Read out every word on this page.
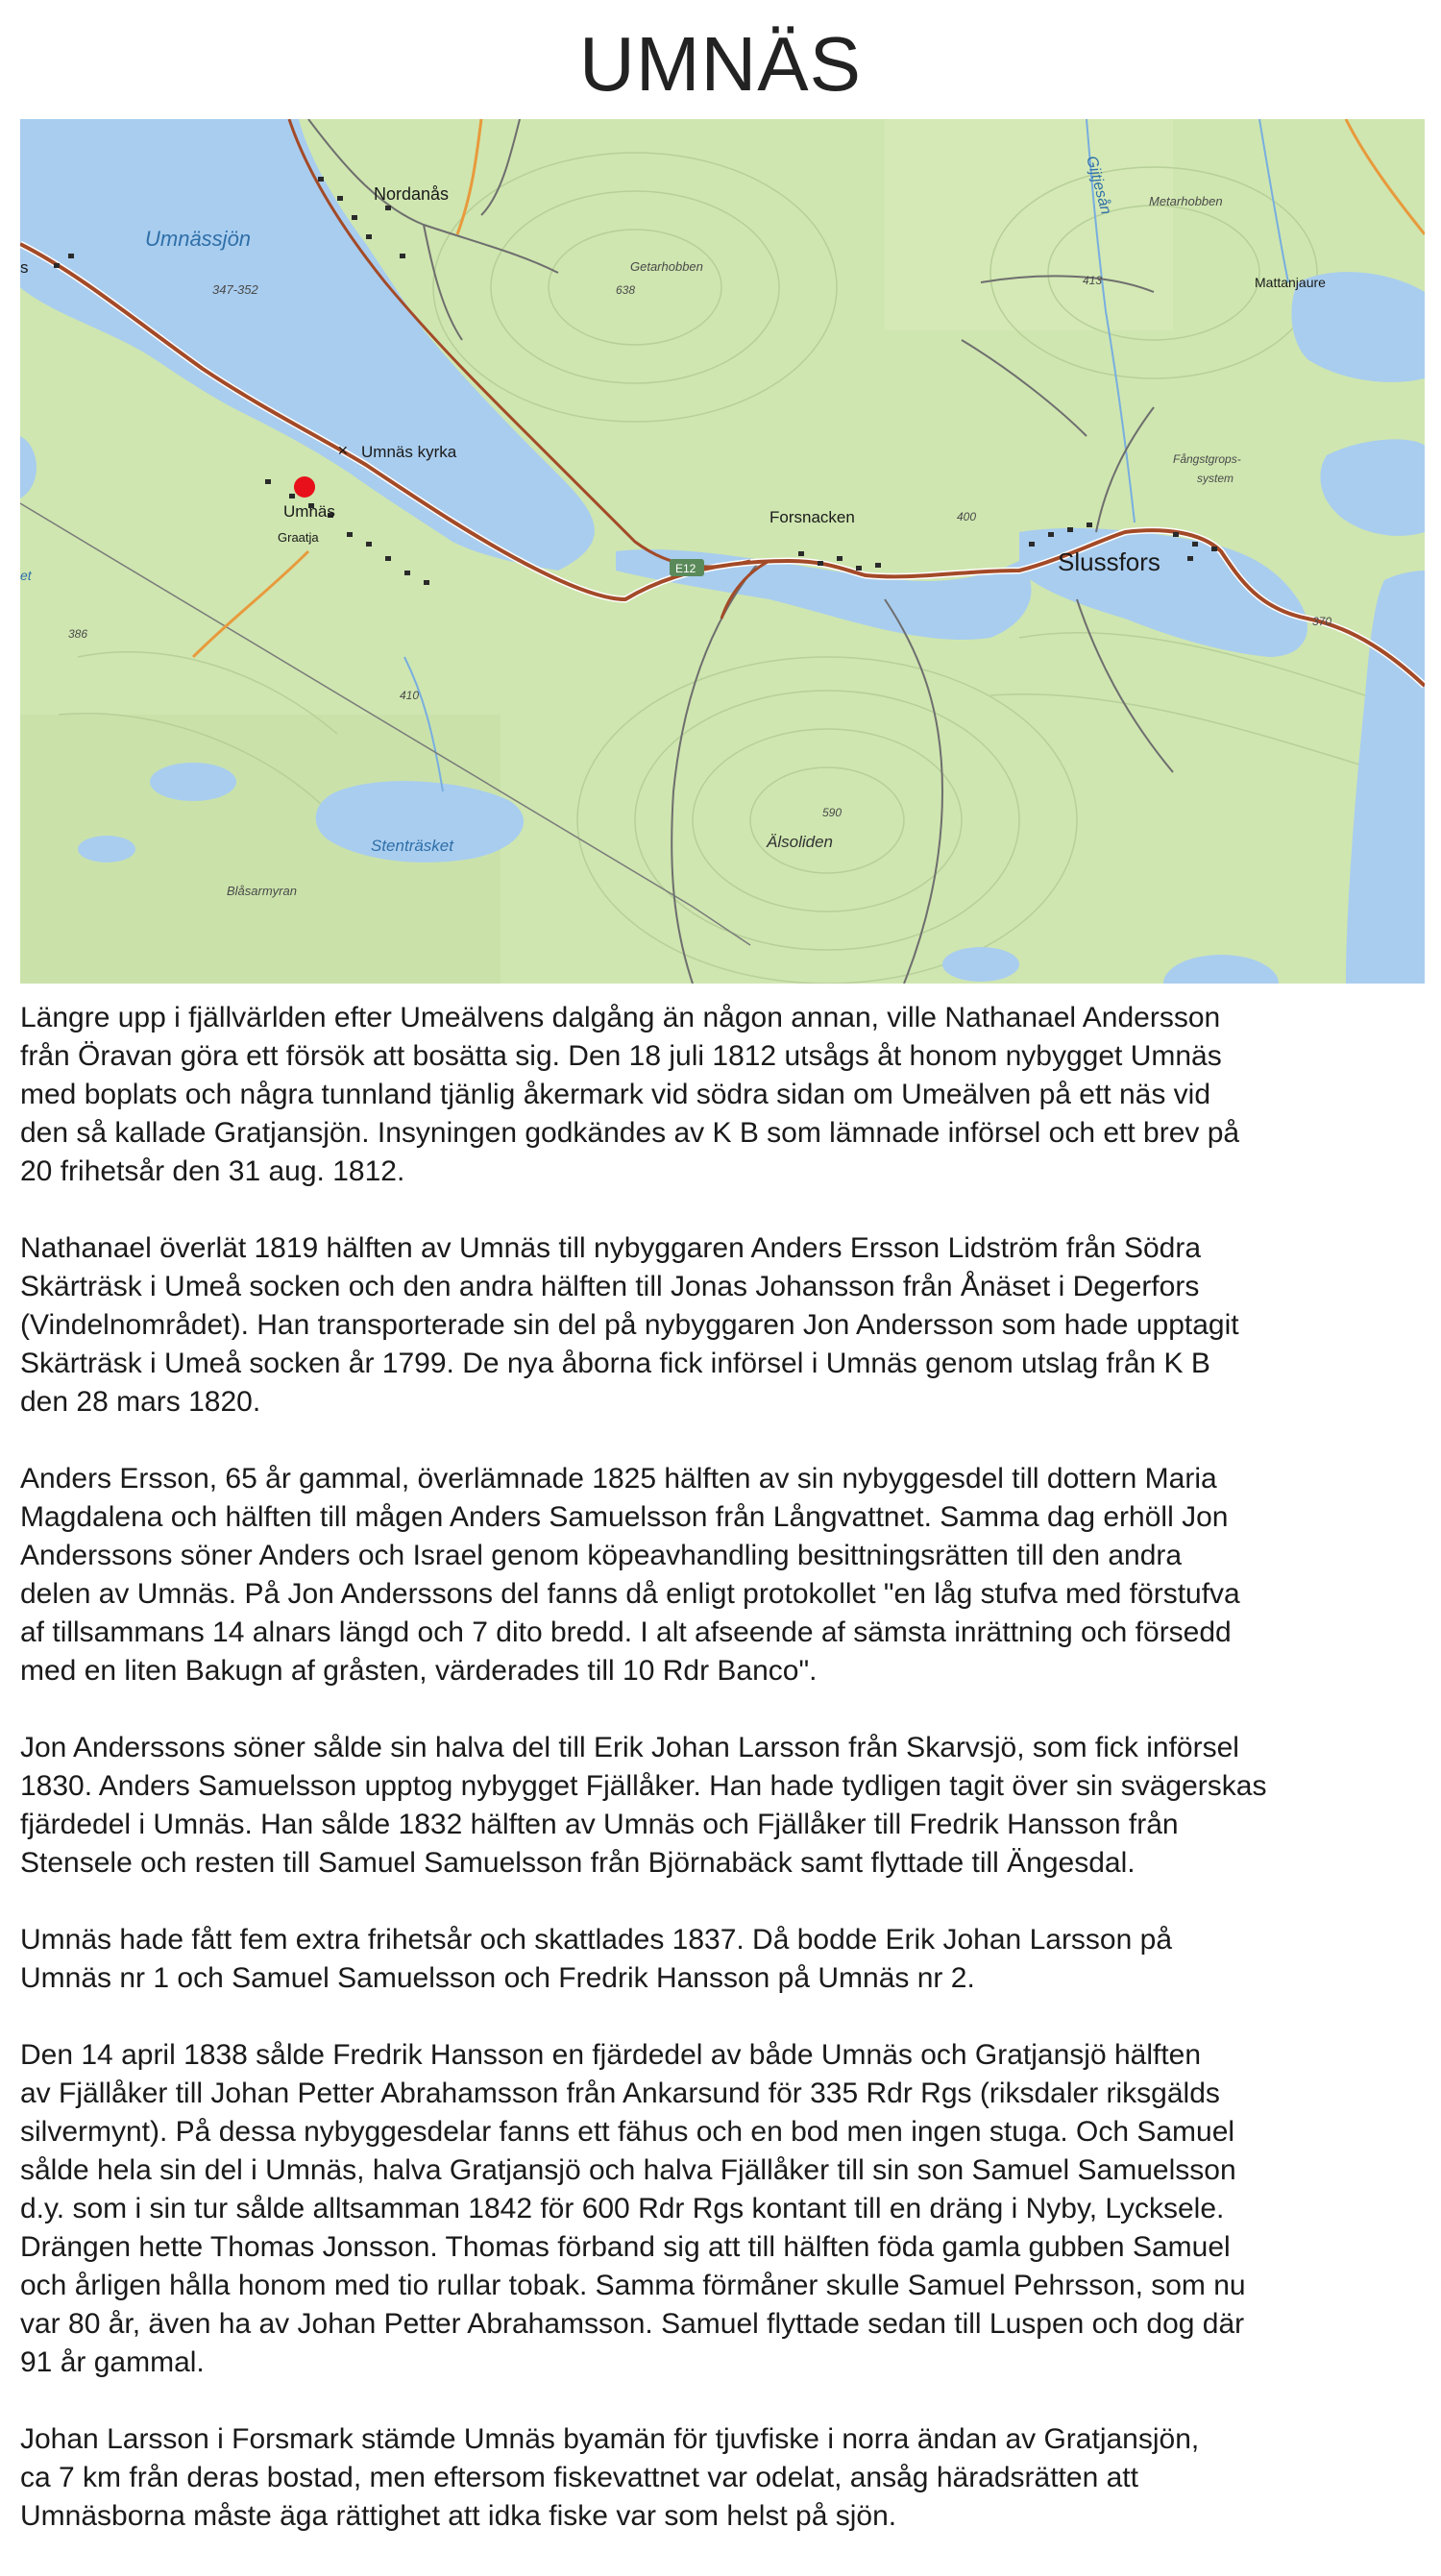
UMNÄS
Umnässjön
347-352
Nordanås
Getarhobben
638
Gijtjesån	Metarhobben
413	Mattanjaure
Umnäs kyrka
Umnäs
Graatja
Fångstgrops-
system
Forsnacken	400
E12	Slussfors
370
386
410
590
Älsoliden
Stenträsket
Blåsarmyran
s
et
✕

Längre upp i fjällvärlden efter Umeälvens dalgång än någon annan, ville Nathanael Andersson
från Öravan göra ett försök att bosätta sig. Den 18 juli 1812 utsågs åt honom nybygget Umnäs
med boplats och några tunnland tjänlig åkermark vid södra sidan om Umeälven på ett näs vid
den så kallade Gratjansjön. Insyningen godkändes av K B som lämnade införsel och ett brev på
20 frihetsår den 31 aug. 1812.

Nathanael överlät 1819 hälften av Umnäs till nybyggaren Anders Ersson Lidström från Södra
Skärträsk i Umeå socken och den andra hälften till Jonas Johansson från Ånäset i Degerfors
(Vindelnområdet). Han transporterade sin del på nybyggaren Jon Andersson som hade upptagit
Skärträsk i Umeå socken år 1799. De nya åborna fick införsel i Umnäs genom utslag från K B
den 28 mars 1820.

Anders Ersson, 65 år gammal, överlämnade 1825 hälften av sin nybyggesdel till dottern Maria
Magdalena och hälften till mågen Anders Samuelsson från Långvattnet. Samma dag erhöll Jon
Anderssons söner Anders och Israel genom köpeavhandling besittningsrätten till den andra
delen av Umnäs. På Jon Anderssons del fanns då enligt protokollet "en låg stufva med förstufva
af tillsammans 14 alnars längd och 7 dito bredd. I alt afseende af sämsta inrättning och försedd
med en liten Bakugn af gråsten, värderades till 10 Rdr Banco".

Jon Anderssons söner sålde sin halva del till Erik Johan Larsson från Skarvsjö, som fick införsel
1830. Anders Samuelsson upptog nybygget Fjällåker. Han hade tydligen tagit över sin svägerskas
fjärdedel i Umnäs. Han sålde 1832 hälften av Umnäs och Fjällåker till Fredrik Hansson från
Stensele och resten till Samuel Samuelsson från Björnabäck samt flyttade till Ängesdal.

Umnäs hade fått fem extra frihetsår och skattlades 1837. Då bodde Erik Johan Larsson på
Umnäs nr 1 och Samuel Samuelsson och Fredrik Hansson på Umnäs nr 2.

Den 14 april 1838 sålde Fredrik Hansson en fjärdedel av både Umnäs och Gratjansjö hälften
av Fjällåker till Johan Petter Abrahamsson från Ankarsund för 335 Rdr Rgs (riksdaler riksgälds
silvermynt). På dessa nybyggesdelar fanns ett fähus och en bod men ingen stuga. Och Samuel
sålde hela sin del i Umnäs, halva Gratjansjö och halva Fjällåker till sin son Samuel Samuelsson
d.y. som i sin tur sålde alltsamman 1842 för 600 Rdr Rgs kontant till en dräng i Nyby, Lycksele.
Drängen hette Thomas Jonsson. Thomas förband sig att till hälften föda gamla gubben Samuel
och årligen hålla honom med tio rullar tobak. Samma förmåner skulle Samuel Pehrsson, som nu
var 80 år, även ha av Johan Petter Abrahamsson. Samuel flyttade sedan till Luspen och dog där
91 år gammal.

Johan Larsson i Forsmark stämde Umnäs byamän för tjuvfiske i norra ändan av Gratjansjön,
ca 7 km från deras bostad, men eftersom fiskevattnet var odelat, ansåg häradsrätten att
Umnäsborna måste äga rättighet att idka fiske var som helst på sjön.
